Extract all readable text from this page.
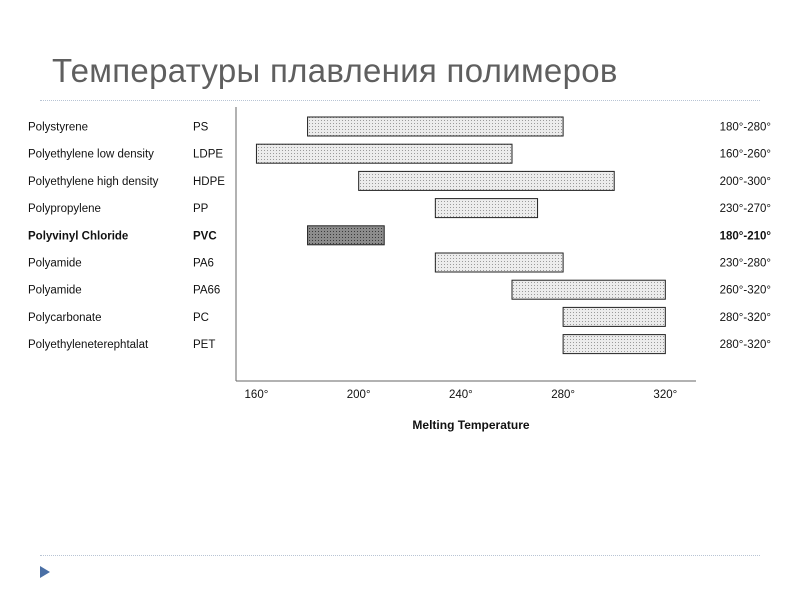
Температуры плавления полимеров
Polystyrene	PS	180°-280°
Polyethylene low density	LDPE	160°-260°
Polyethylene high density	HDPE	200°-300°
Polypropylene	PP	230°-270°
Polyvinyl Chloride	PVC	180°-210°
Polyamide	PA6	230°-280°
Polyamide	PA66	260°-320°
Polycarbonate	PC	280°-320°
Polyethyleneterephtalat	PET	280°-320°
160°	200°	240°	280°	320°
Melting Temperature
